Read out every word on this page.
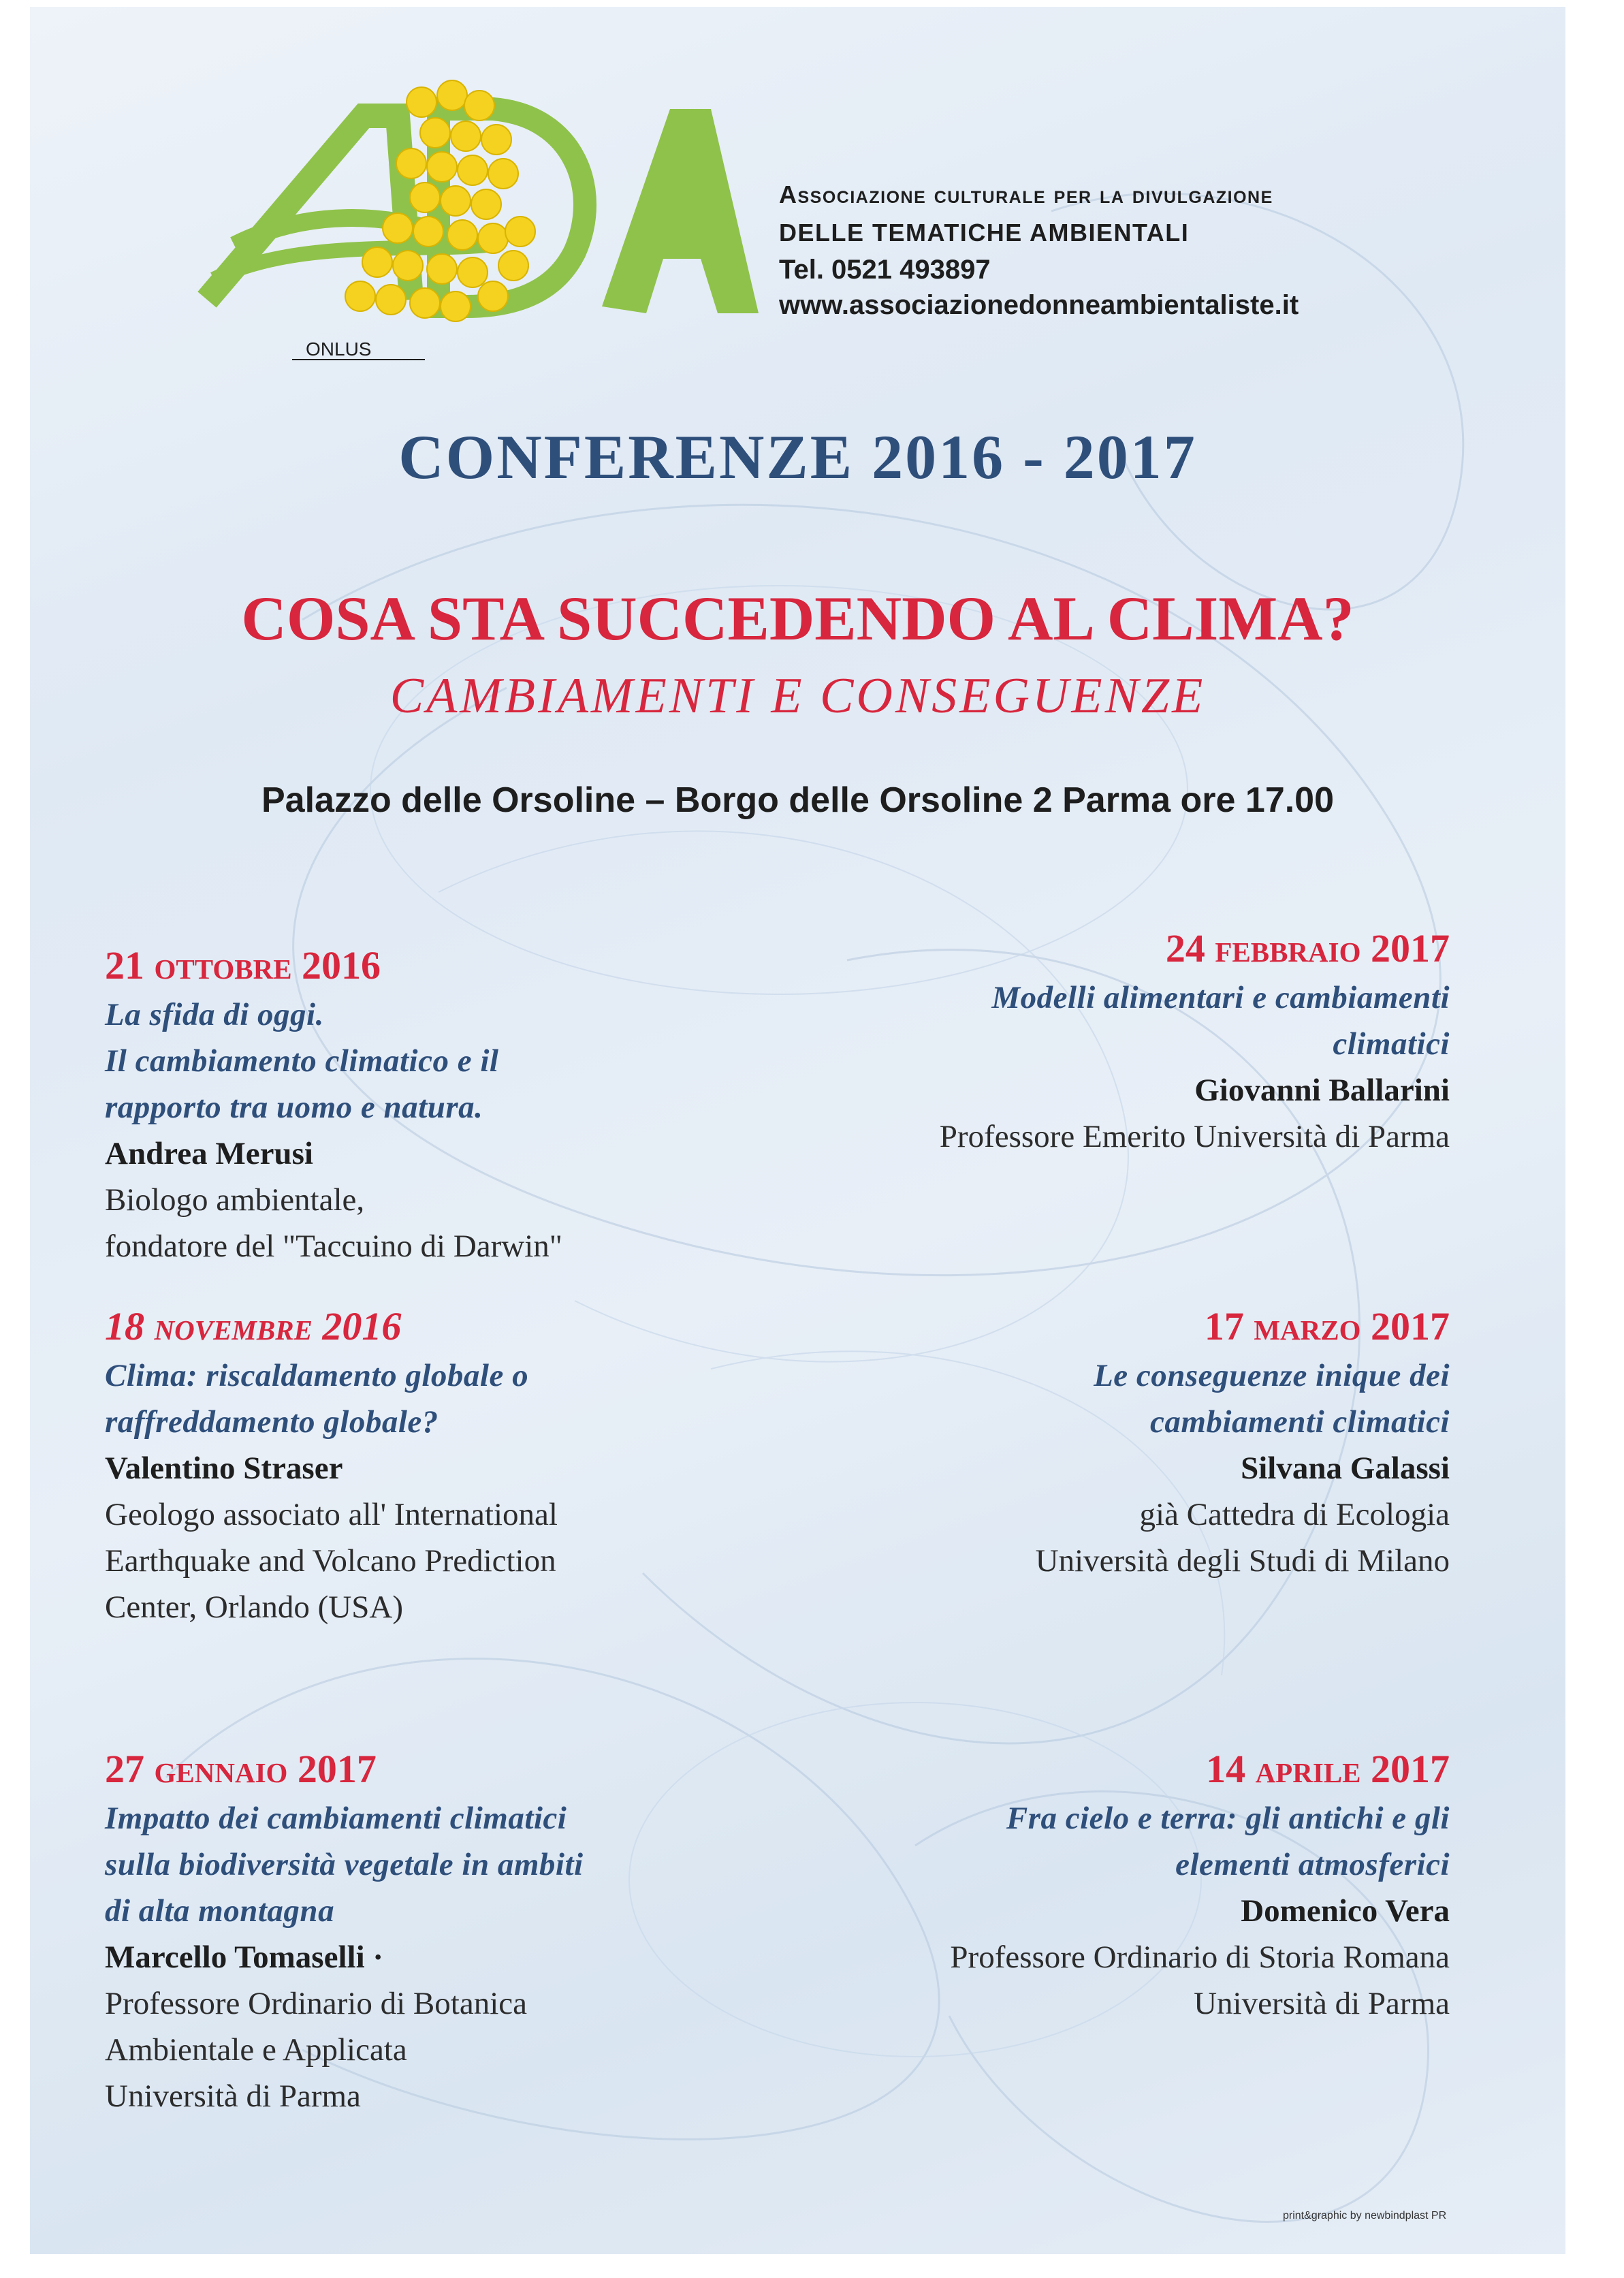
ONLUS
Associazione culturale per la divulgazione
DELLE TEMATICHE AMBIENTALI
Tel. 0521 493897
www.associazionedonneambientaliste.it
CONFERENZE 2016 - 2017
COSA STA SUCCEDENDO AL CLIMA?
CAMBIAMENTI E CONSEGUENZE
Palazzo delle Orsoline – Borgo delle Orsoline 2 Parma ore 17.00
21 ottobre 2016
La sfida di oggi.
Il cambiamento climatico e il
rapporto tra uomo e natura.
Andrea Merusi
Biologo ambientale,
fondatore del "Taccuino di Darwin"
18 novembre 2016
Clima: riscaldamento globale o
raffreddamento globale?
Valentino Straser
Geologo associato all' International
Earthquake and Volcano Prediction
Center, Orlando (USA)
27 gennaio 2017
Impatto dei cambiamenti climatici
sulla biodiversità vegetale in ambiti
di alta montagna
Marcello Tomaselli ·
Professore Ordinario di Botanica
Ambientale e Applicata
Università di Parma
24 febbraio 2017
Modelli alimentari e cambiamenti
climatici
Giovanni Ballarini
Professore Emerito Università di Parma
17 marzo 2017
Le conseguenze inique dei
cambiamenti climatici
Silvana Galassi
già Cattedra di Ecologia
Università degli Studi di Milano
14 aprile 2017
Fra cielo e terra: gli antichi e gli
elementi atmosferici
Domenico Vera
Professore Ordinario di Storia Romana
Università di Parma
print&graphic by newbindplast PR
